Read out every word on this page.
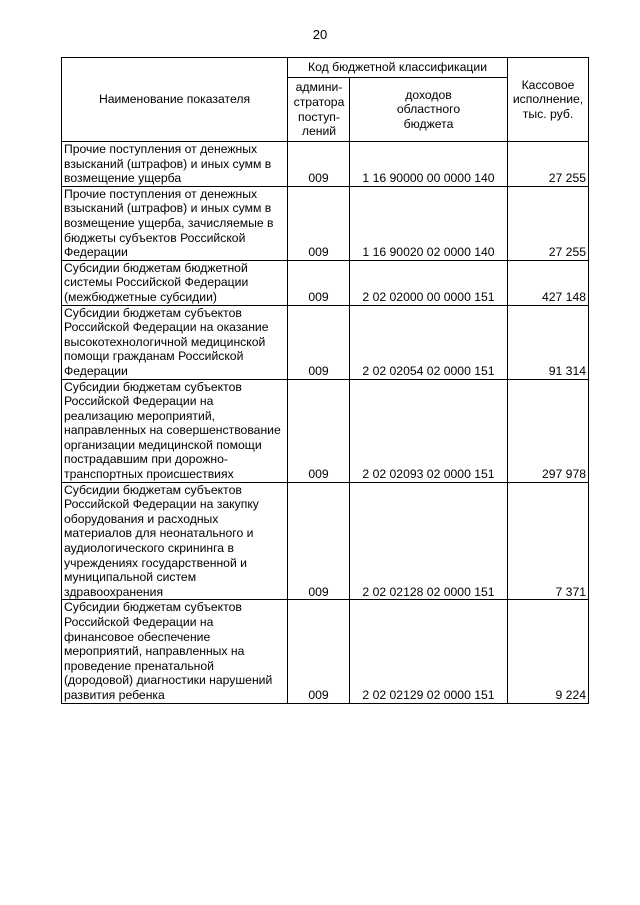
20
Наименование показателя	Код бюджетной классификации		Кассовое исполнение, тыс. руб.

	админи-
стратора
поступ-
лений	доходов областного бюджета	

Прочие поступления от денежных взысканий (штрафов) и иных сумм в возмещение ущерба	009	1 16 90000 00 0000 140	27 255
Прочие поступления от денежных взысканий (штрафов) и иных сумм в возмещение ущерба, зачисляемые в бюджеты субъектов Российской Федерации	009	1 16 90020 02 0000 140	27 255
Субсидии бюджетам бюджетной системы Российской Федерации (межбюджетные субсидии)	009	2 02 02000 00 0000 151	427 148
Субсидии бюджетам субъектов Российской Федерации на оказание высокотехнологичной медицинской помощи гражданам Российской Федерации	009	2 02 02054 02 0000 151	91 314
Субсидии бюджетам субъектов Российской Федерации на реализацию мероприятий, направленных на совершенствование организации медицинской помощи пострадавшим при дорожно-транспортных происшествиях	009	2 02 02093 02 0000 151	297 978
Субсидии бюджетам субъектов Российской Федерации на закупку оборудования и расходных материалов для неонатального и аудиологического скрининга в учреждениях государственной и муниципальной систем здравоохранения	009	2 02 02128 02 0000 151	7 371
Субсидии бюджетам субъектов Российской Федерации на финансовое обеспечение мероприятий, направленных на проведение пренатальной (дородовой) диагностики нарушений развития ребенка	009	2 02 02129 02 0000 151	9 224
